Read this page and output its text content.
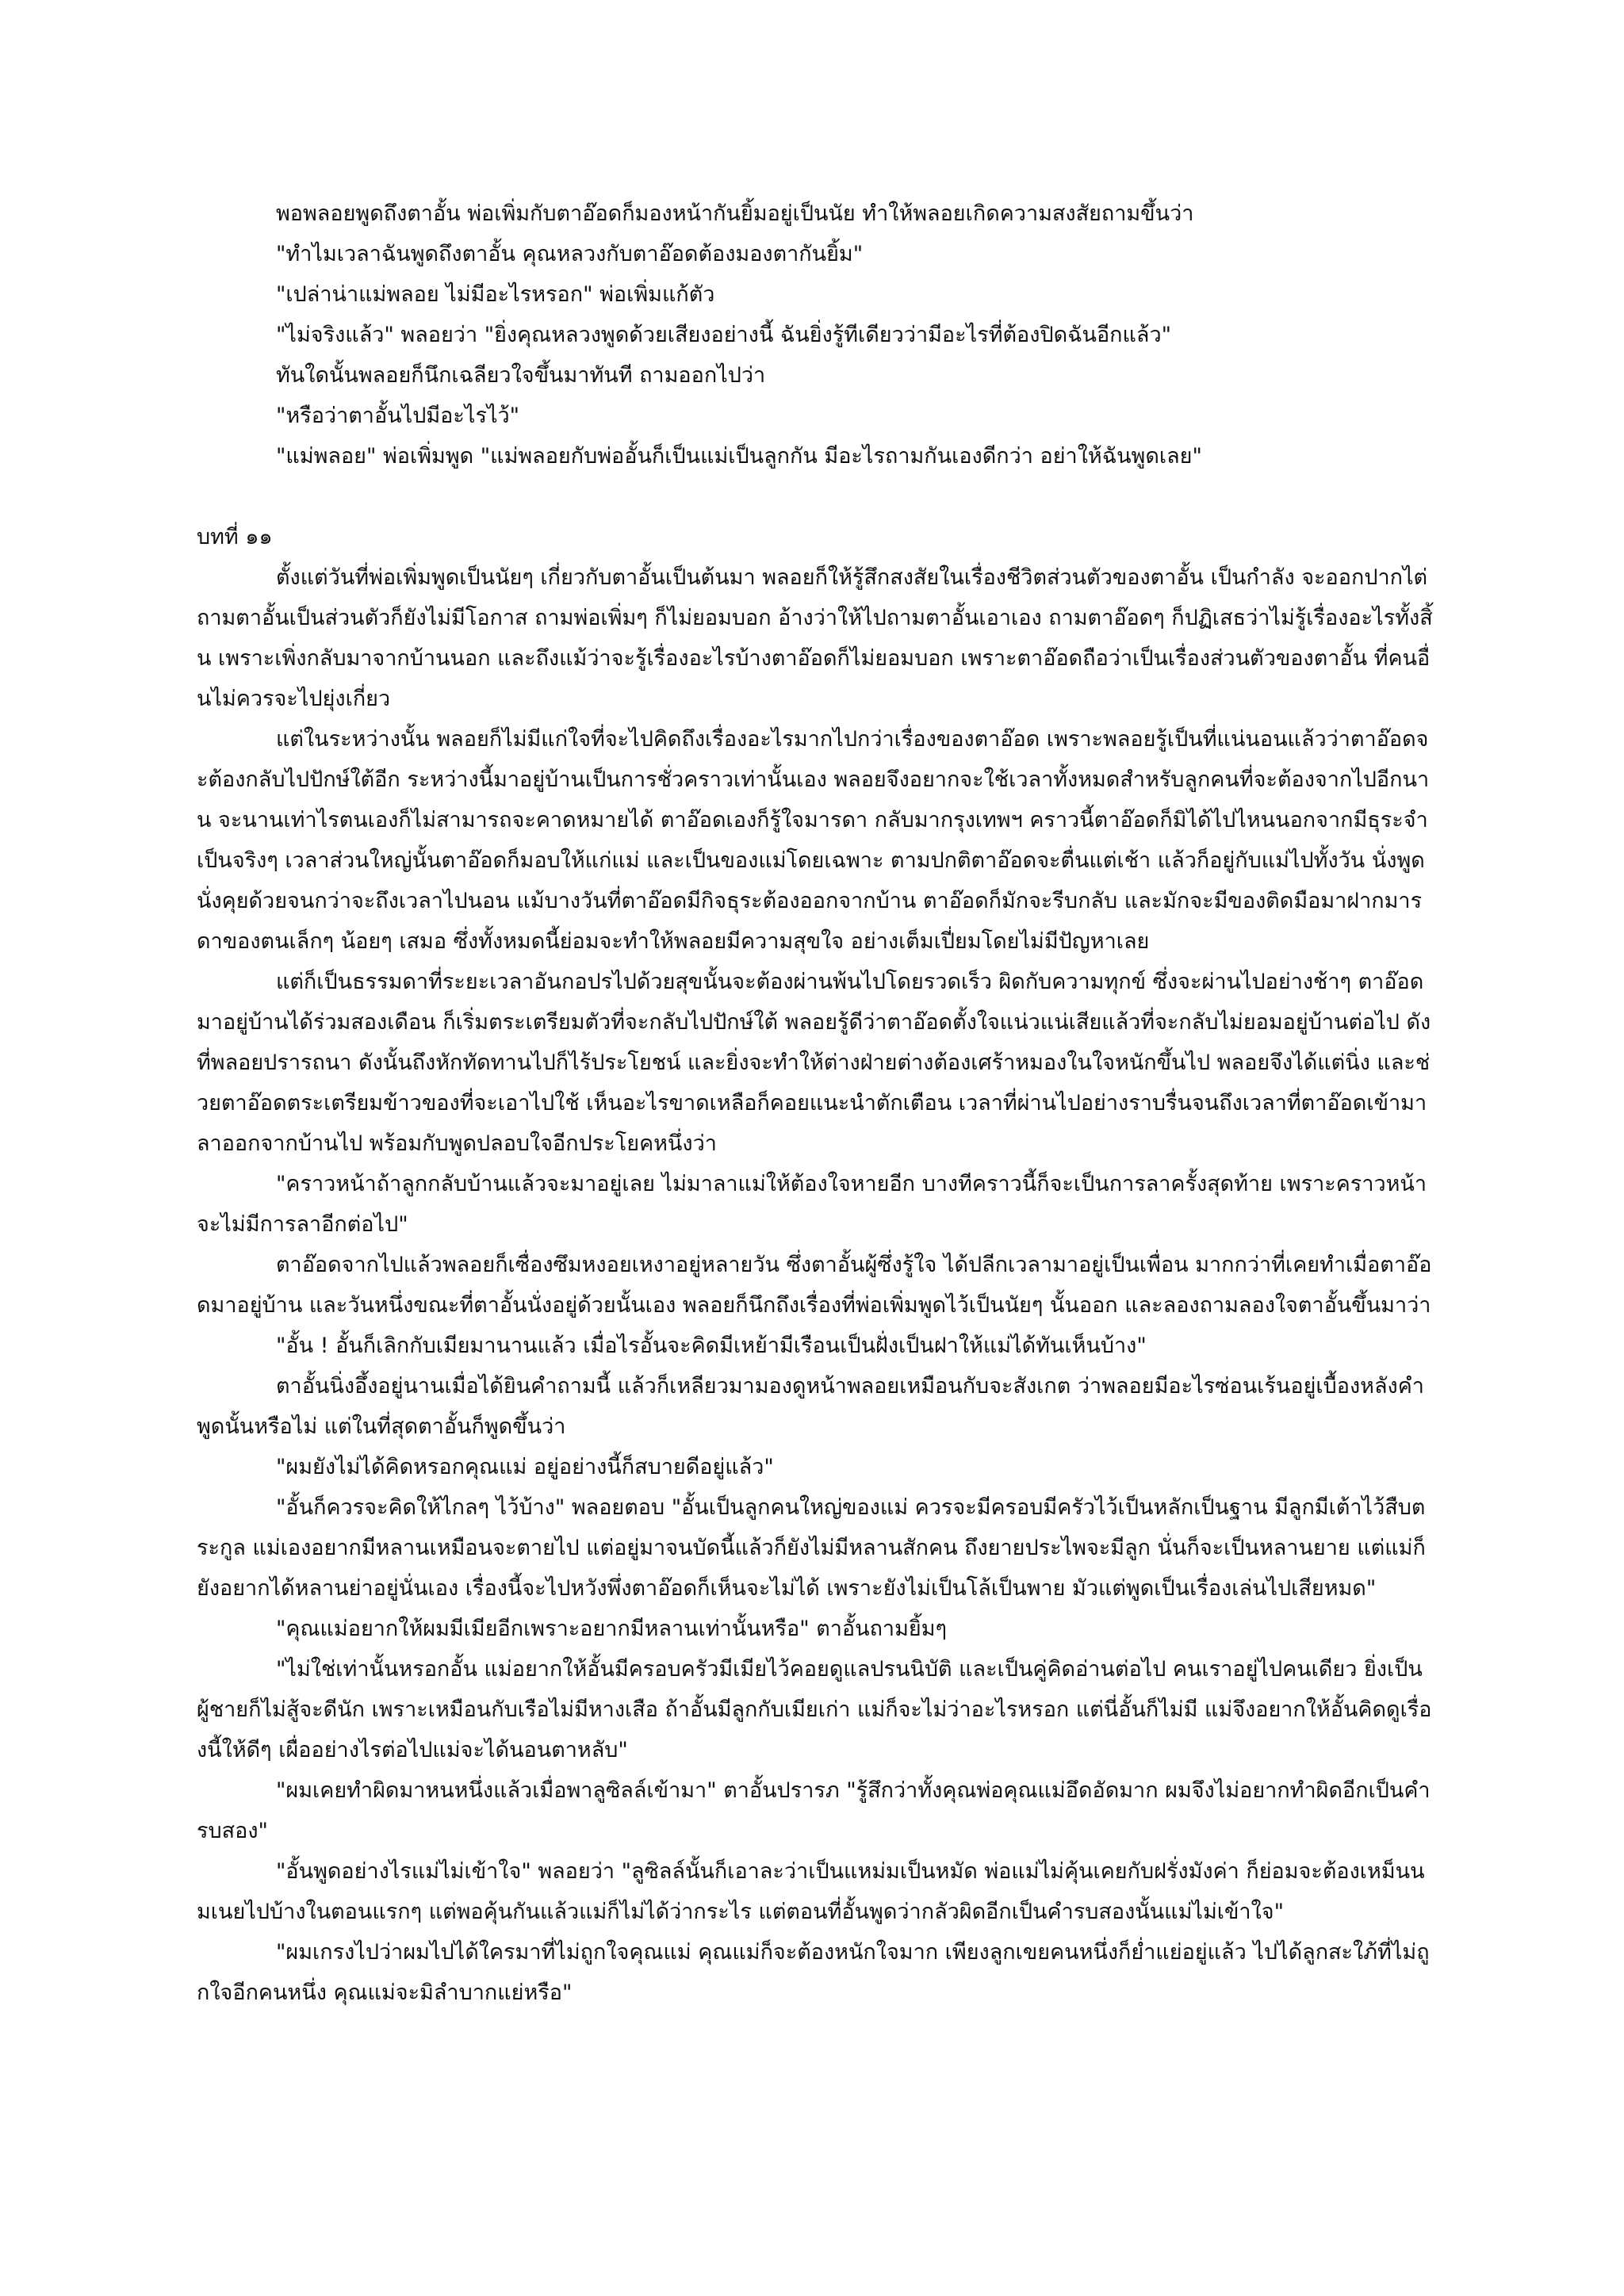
พอพลอยพูดถึงตาอั้น พ่อเพิ่มกับตาอ๊อดก็มองหน้ากันยิ้มอยู่เป็นนัย ทำให้พลอยเกิดความสงสัยถามขึ้นว่า

"ทำไมเวลาฉันพูดถึงตาอั้น คุณหลวงกับตาอ๊อดต้องมองตากันยิ้ม"

"เปล่าน่าแม่พลอย ไม่มีอะไรหรอก" พ่อเพิ่มแก้ตัว

"ไม่จริงแล้ว" พลอยว่า "ยิ่งคุณหลวงพูดด้วยเสียงอย่างนี้ ฉันยิ่งรู้ทีเดียวว่ามีอะไรที่ต้องปิดฉันอีกแล้ว"

ทันใดนั้นพลอยก็นึกเฉลียวใจขึ้นมาทันที ถามออกไปว่า

"หรือว่าตาอั้นไปมีอะไรไว้"

"แม่พลอย" พ่อเพิ่มพูด "แม่พลอยกับพ่ออั้นก็เป็นแม่เป็นลูกกัน มีอะไรถามกันเองดีกว่า อย่าให้ฉันพูดเลย"

บทที่ ๑๑

ตั้งแต่วันที่พ่อเพิ่มพูดเป็นนัยๆ เกี่ยวกับตาอั้นเป็นต้นมา พลอยก็ให้รู้สึกสงสัยในเรื่องชีวิตส่วนตัวของตาอั้น เป็นกำลัง จะออกปากไต่ถามตาอั้นเป็นส่วนตัวก็ยังไม่มีโอกาส ถามพ่อเพิ่มๆ ก็ไม่ยอมบอก อ้างว่าให้ไปถามตาอั้นเอาเอง ถามตาอ๊อดๆ ก็ปฏิเสธว่าไม่รู้เรื่องอะไรทั้งสิ้น เพราะเพิ่งกลับมาจากบ้านนอก และถึงแม้ว่าจะรู้เรื่องอะไรบ้างตาอ๊อดก็ไม่ยอมบอก เพราะตาอ๊อดถือว่าเป็นเรื่องส่วนตัวของตาอั้น ที่คนอื่นไม่ควรจะไปยุ่งเกี่ยว

แต่ในระหว่างนั้น พลอยก็ไม่มีแก่ใจที่จะไปคิดถึงเรื่องอะไรมากไปกว่าเรื่องของตาอ๊อด เพราะพลอยรู้เป็นที่แน่นอนแล้วว่าตาอ๊อดจะต้องกลับไปปักษ์ใต้อีก ระหว่างนี้มาอยู่บ้านเป็นการชั่วคราวเท่านั้นเอง พลอยจึงอยากจะใช้เวลาทั้งหมดสำหรับลูกคนที่จะต้องจากไปอีกนาน จะนานเท่าไรตนเองก็ไม่สามารถจะคาดหมายได้ ตาอ๊อดเองก็รู้ใจมารดา กลับมากรุงเทพฯ คราวนี้ตาอ๊อดก็มิได้ไปไหนนอกจากมีธุระจำเป็นจริงๆ เวลาส่วนใหญ่นั้นตาอ๊อดก็มอบให้แก่แม่ และเป็นของแม่โดยเฉพาะ ตามปกติตาอ๊อดจะตื่นแต่เช้า แล้วก็อยู่กับแม่ไปทั้งวัน นั่งพูดนั่งคุยด้วยจนกว่าจะถึงเวลาไปนอน แม้บางวันที่ตาอ๊อดมีกิจธุระต้องออกจากบ้าน ตาอ๊อดก็มักจะรีบกลับ และมักจะมีของติดมือมาฝากมารดาของตนเล็กๆ น้อยๆ เสมอ ซึ่งทั้งหมดนี้ย่อมจะทำให้พลอยมีความสุขใจ อย่างเต็มเปี่ยมโดยไม่มีปัญหาเลย

แต่ก็เป็นธรรมดาที่ระยะเวลาอันกอปรไปด้วยสุขนั้นจะต้องผ่านพ้นไปโดยรวดเร็ว ผิดกับความทุกข์ ซึ่งจะผ่านไปอย่างช้าๆ ตาอ๊อดมาอยู่บ้านได้ร่วมสองเดือน ก็เริ่มตระเตรียมตัวที่จะกลับไปปักษ์ใต้ พลอยรู้ดีว่าตาอ๊อดตั้งใจแน่วแน่เสียแล้วที่จะกลับไม่ยอมอยู่บ้านต่อไป ดังที่พลอยปรารถนา ดังนั้นถึงหักทัดทานไปก็ไร้ประโยชน์ และยิ่งจะทำให้ต่างฝ่ายต่างต้องเศร้าหมองในใจหนักขึ้นไป พลอยจึงได้แต่นิ่ง และช่วยตาอ๊อดตระเตรียมข้าวของที่จะเอาไปใช้ เห็นอะไรขาดเหลือก็คอยแนะนำตักเตือน เวลาที่ผ่านไปอย่างราบรื่นจนถึงเวลาที่ตาอ๊อดเข้ามาลาออกจากบ้านไป พร้อมกับพูดปลอบใจอีกประโยคหนึ่งว่า

"คราวหน้าถ้าลูกกลับบ้านแล้วจะมาอยู่เลย ไม่มาลาแม่ให้ต้องใจหายอีก บางทีคราวนี้ก็จะเป็นการลาครั้งสุดท้าย เพราะคราวหน้าจะไม่มีการลาอีกต่อไป"

ตาอ๊อดจากไปแล้วพลอยก็เซื่องซึมหงอยเหงาอยู่หลายวัน ซึ่งตาอั้นผู้ซึ่งรู้ใจ ได้ปลีกเวลามาอยู่เป็นเพื่อน มากกว่าที่เคยทำเมื่อตาอ๊อดมาอยู่บ้าน และวันหนึ่งขณะที่ตาอั้นนั่งอยู่ด้วยนั้นเอง พลอยก็นึกถึงเรื่องที่พ่อเพิ่มพูดไว้เป็นนัยๆ นั้นออก และลองถามลองใจตาอั้นขึ้นมาว่า

"อั้น ! อั้นก็เลิกกับเมียมานานแล้ว เมื่อไรอั้นจะคิดมีเหย้ามีเรือนเป็นฝั่งเป็นฝาให้แม่ได้ทันเห็นบ้าง"

ตาอั้นนิ่งอึ้งอยู่นานเมื่อได้ยินคำถามนี้ แล้วก็เหลียวมามองดูหน้าพลอยเหมือนกับจะสังเกต ว่าพลอยมีอะไรซ่อนเร้นอยู่เบื้องหลังคำพูดนั้นหรือไม่ แต่ในที่สุดตาอั้นก็พูดขึ้นว่า

"ผมยังไม่ได้คิดหรอกคุณแม่ อยู่อย่างนี้ก็สบายดีอยู่แล้ว"

"อั้นก็ควรจะคิดให้ไกลๆ ไว้บ้าง" พลอยตอบ "อั้นเป็นลูกคนใหญ่ของแม่ ควรจะมีครอบมีครัวไว้เป็นหลักเป็นฐาน มีลูกมีเต้าไว้สืบตระกูล แม่เองอยากมีหลานเหมือนจะตายไป แต่อยู่มาจนบัดนี้แล้วก็ยังไม่มีหลานสักคน ถึงยายประไพจะมีลูก นั่นก็จะเป็นหลานยาย แต่แม่ก็ยังอยากได้หลานย่าอยู่นั่นเอง เรื่องนี้จะไปหวังพึ่งตาอ๊อดก็เห็นจะไม่ได้ เพราะยังไม่เป็นโล้เป็นพาย มัวแต่พูดเป็นเรื่องเล่นไปเสียหมด"

"คุณแม่อยากให้ผมมีเมียอีกเพราะอยากมีหลานเท่านั้นหรือ" ตาอั้นถามยิ้มๆ

"ไม่ใช่เท่านั้นหรอกอั้น แม่อยากให้อั้นมีครอบครัวมีเมียไว้คอยดูแลปรนนิบัติ และเป็นคู่คิดอ่านต่อไป คนเราอยู่ไปคนเดียว ยิ่งเป็นผู้ชายก็ไม่สู้จะดีนัก เพราะเหมือนกับเรือไม่มีหางเสือ ถ้าอั้นมีลูกกับเมียเก่า แม่ก็จะไม่ว่าอะไรหรอก แต่นี่อั้นก็ไม่มี แม่จึงอยากให้อั้นคิดดูเรื่องนี้ให้ดีๆ เผื่ออย่างไรต่อไปแม่จะได้นอนตาหลับ"

"ผมเคยทำผิดมาหนหนึ่งแล้วเมื่อพาลูซิลล์เข้ามา" ตาอั้นปรารภ "รู้สึกว่าทั้งคุณพ่อคุณแม่อึดอัดมาก ผมจึงไม่อยากทำผิดอีกเป็นคำรบสอง"

"อั้นพูดอย่างไรแม่ไม่เข้าใจ" พลอยว่า "ลูซิลล์นั้นก็เอาละว่าเป็นแหม่มเป็นหมัด พ่อแม่ไม่คุ้นเคยกับฝรั่งมังค่า ก็ย่อมจะต้องเหม็นนมเนยไปบ้างในตอนแรกๆ แต่พอคุ้นกันแล้วแม่ก็ไม่ได้ว่ากระไร แต่ตอนที่อั้นพูดว่ากลัวผิดอีกเป็นคำรบสองนั้นแม่ไม่เข้าใจ"

"ผมเกรงไปว่าผมไปได้ใครมาที่ไม่ถูกใจคุณแม่ คุณแม่ก็จะต้องหนักใจมาก เพียงลูกเขยคนหนึ่งก็ย่ำแย่อยู่แล้ว ไปได้ลูกสะใภ้ที่ไม่ถูกใจอีกคนหนึ่ง คุณแม่จะมิลำบากแย่หรือ"
